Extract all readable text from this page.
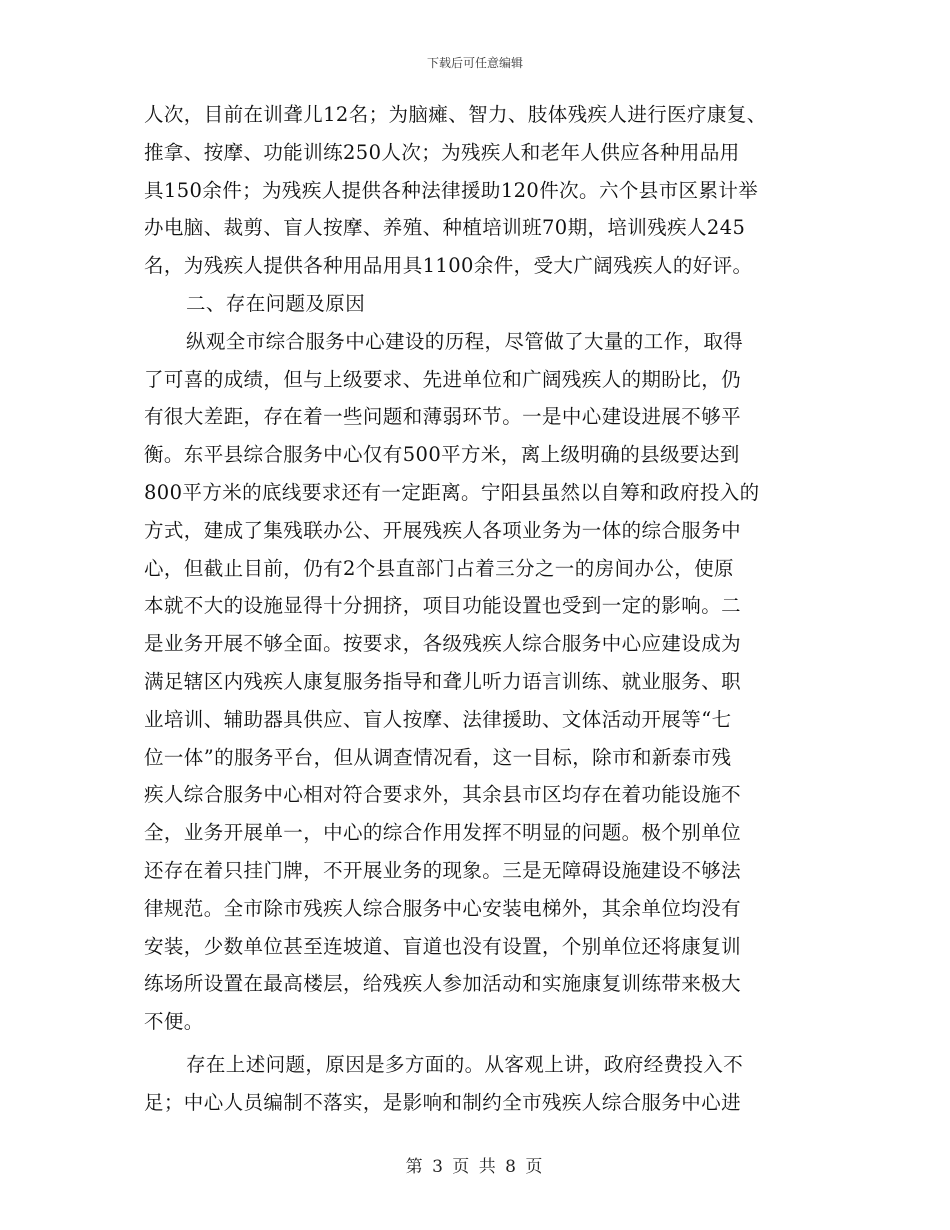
下载后可任意编辑
人次，目前在训聋儿12名；为脑瘫、智力、肢体残疾人进行医疗康复、
推拿、按摩、功能训练250人次；为残疾人和老年人供应各种用品用
具150余件；为残疾人提供各种法律援助120件次。六个县市区累计举
办电脑、裁剪、盲人按摩、养殖、种植培训班70期，培训残疾人245
名，为残疾人提供各种用品用具1100余件，受大广阔残疾人的好评。
二、存在问题及原因
纵观全市综合服务中心建设的历程，尽管做了大量的工作，取得
了可喜的成绩，但与上级要求、先进单位和广阔残疾人的期盼比，仍
有很大差距，存在着一些问题和薄弱环节。一是中心建设进展不够平
衡。东平县综合服务中心仅有500平方米，离上级明确的县级要达到
800平方米的底线要求还有一定距离。宁阳县虽然以自筹和政府投入的
方式，建成了集残联办公、开展残疾人各项业务为一体的综合服务中
心，但截止目前，仍有2个县直部门占着三分之一的房间办公，使原
本就不大的设施显得十分拥挤，项目功能设置也受到一定的影响。二
是业务开展不够全面。按要求，各级残疾人综合服务中心应建设成为
满足辖区内残疾人康复服务指导和聋儿听力语言训练、就业服务、职
业培训、辅助器具供应、盲人按摩、法律援助、文体活动开展等“七
位一体”的服务平台，但从调查情况看，这一目标，除市和新泰市残
疾人综合服务中心相对符合要求外，其余县市区均存在着功能设施不
全，业务开展单一，中心的综合作用发挥不明显的问题。极个别单位
还存在着只挂门牌，不开展业务的现象。三是无障碍设施建设不够法
律规范。全市除市残疾人综合服务中心安装电梯外，其余单位均没有
安装，少数单位甚至连坡道、盲道也没有设置，个别单位还将康复训
练场所设置在最高楼层，给残疾人参加活动和实施康复训练带来极大
不便。
存在上述问题，原因是多方面的。从客观上讲，政府经费投入不
足；中心人员编制不落实，是影响和制约全市残疾人综合服务中心进
第 3 页 共 8 页
